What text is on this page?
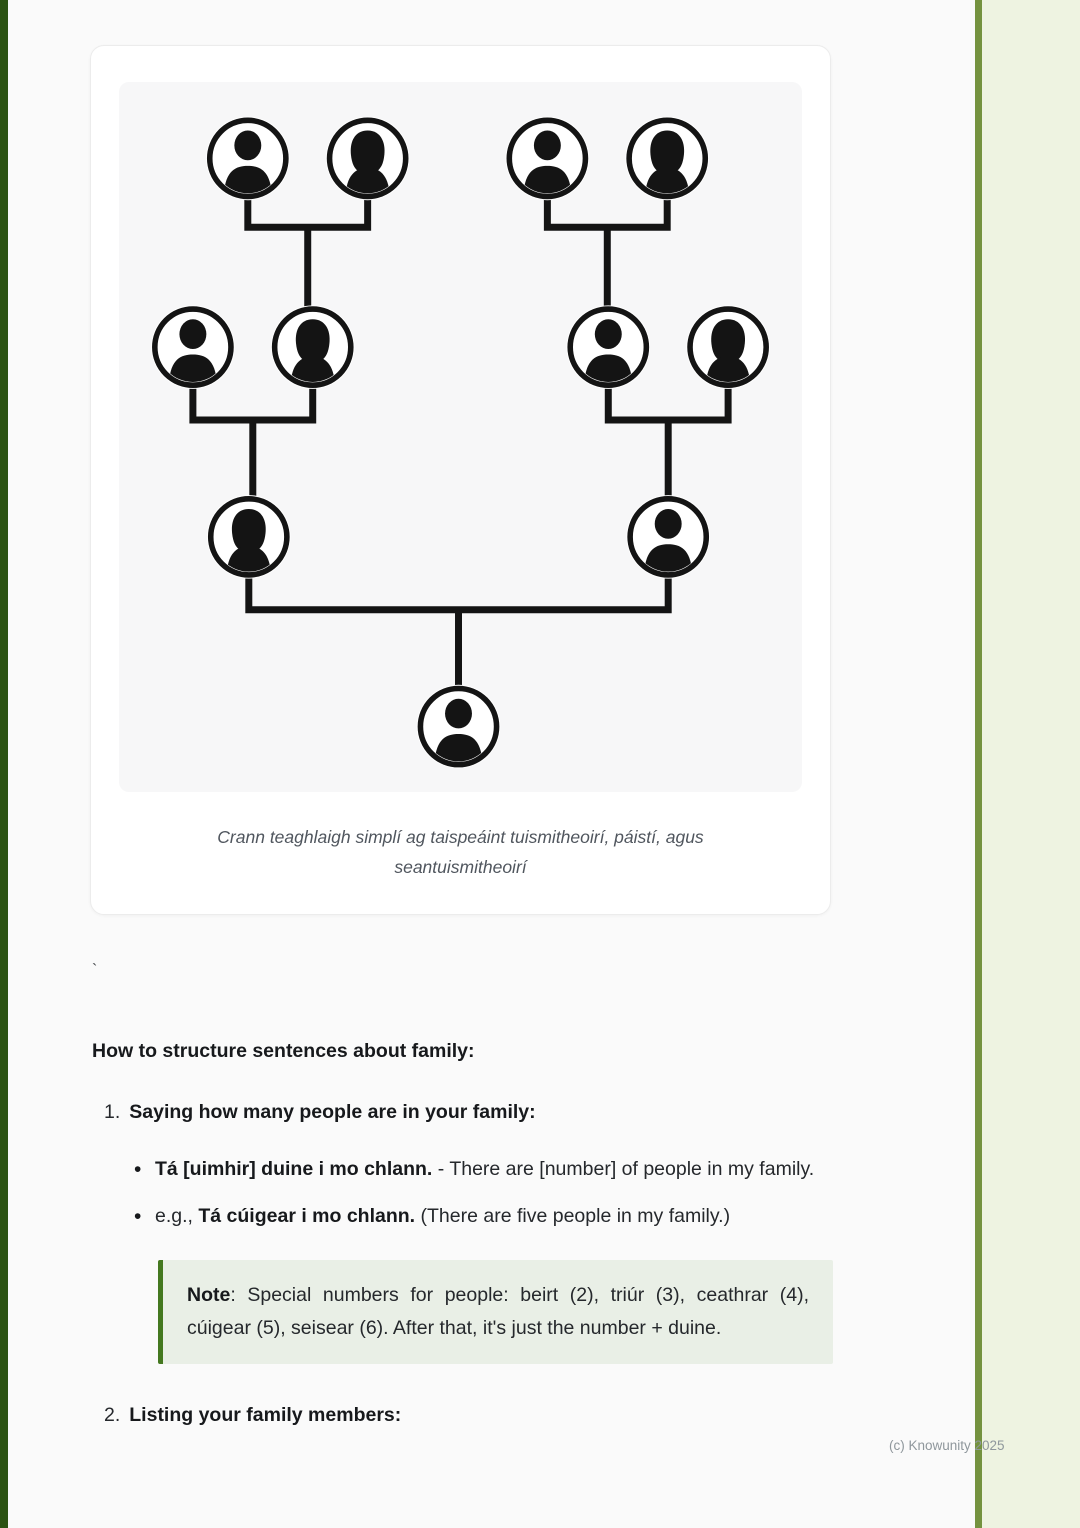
Crann teaghlaigh simplí ag taispeáint tuismitheoirí, páistí, agus seantuismitheoirí
`
How to structure sentences about family:
1. Saying how many people are in your family:
• Tá [uimhir] duine i mo chlann. - There are [number] of people in my family.
• e.g., Tá cúigear i mo chlann. (There are five people in my family.)
Note: Special numbers for people: beirt (2), triúr (3), ceathrar (4), cúigear (5), seisear (6). After that, it's just the number + duine.
2. Listing your family members:
(c) Knowunity 2025
